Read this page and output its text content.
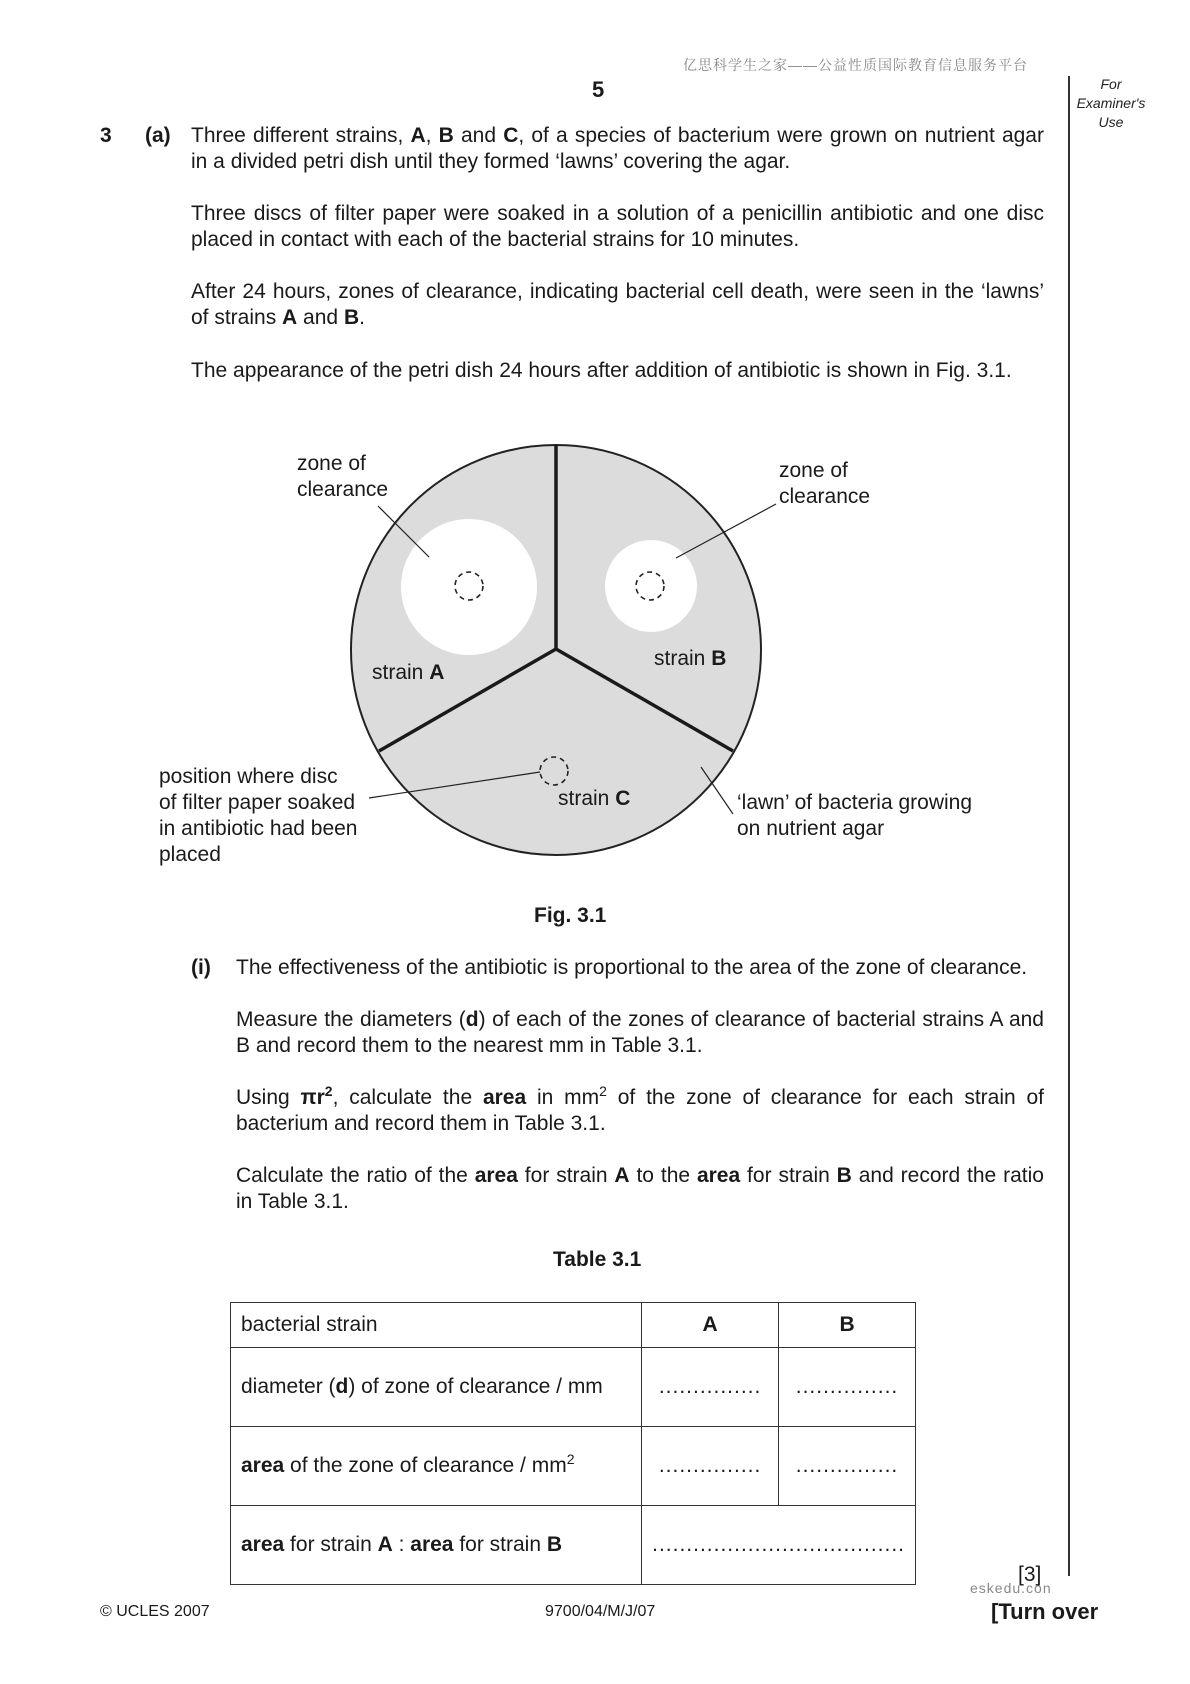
亿思科学生之家——公益性质国际教育信息服务平台
5	For
Examiner's
Use
3 (a) Three different strains, A, B and C, of a species of bacterium were grown on nutrient agar in a divided petri dish until they formed ‘lawns’ covering the agar.
Three discs of filter paper were soaked in a solution of a penicillin antibiotic and one disc placed in contact with each of the bacterial strains for 10 minutes.
After 24 hours, zones of clearance, indicating bacterial cell death, were seen in the ‘lawns’ of strains A and B.
The appearance of the petri dish 24 hours after addition of antibiotic is shown in Fig. 3.1.
zone of
clearance
zone of
clearance
strain A
strain B
strain C
position where disc
of filter paper soaked
in antibiotic had been
placed
‘lawn’ of bacteria growing
on nutrient agar
Fig. 3.1
(i) The effectiveness of the antibiotic is proportional to the area of the zone of clearance.
Measure the diameters (d) of each of the zones of clearance of bacterial strains A and B and record them to the nearest mm in Table 3.1.
Using $\pi r^2$, calculate the area in $mm^2$ of the zone of clearance for each strain of bacterium and record them in Table 3.1.
Calculate the ratio of the area for strain A to the area for strain B and record the ratio in Table 3.1.
Table 3.1
bacterial strain	A	B
diameter (d) of zone of clearance / mm	...............	...............
area of the zone of clearance / $mm^2$	...............	...............
area for strain A : area for strain B	.....................................	
[3]
eskedu.con
© UCLES 2007	9700/04/M/J/07	[Turn over
